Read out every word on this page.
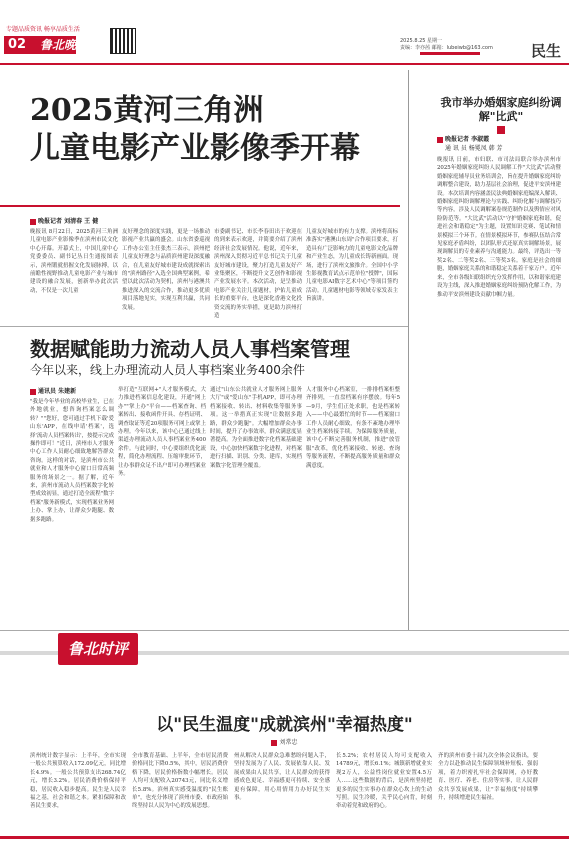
专题品质资讯 畅享品质生活
02	鲁北晚报	2025.8.25 星期一
责编：李亦茜 邮箱：lubeiwb@163.com	民生
2025黄河三角洲
儿童电影产业影像季开幕
晚报记者 刘清春 王 健
晚报讯 8月22日，2025黄河三角洲儿童电影产业影像季在滨州市民文化中心开幕。开幕式上，中国儿童中心党委委员、副书记丛日生通报图表示，滨州锻就扭握文化发展脉搏，以前瞻性视野推动儿童电影产业与城市建设的融合发展，创新举办此次活动，不仅是一次儿童
友好理念的深度实践，更是一场推动影视产业共赢的盛会。山东省委巡视工作办公室主任张杰三表示，滨州把儿童友好理念与品质滨州建设深度融合，在儿童友好城市建设成就探索出的"滨州路径"入选全国典型案例，希望以此次活动为契机，滨州与港澳共推进深入的交流合作，推动更多优质项目落地见实，实现互利共赢，共同发展。
市委副书记、市长李春田出于欢迎在的到来表示欢迎，并简要介绍了滨州经济社会发展情况。他说，近年来，滨州深入贯彻习近平总书记关于儿童友好城市建设，聚力打造儿童友好产业集聚区，不断提升文艺创作和影视产业发展水平。本次活动，是呈推动电影产业关注儿童题材，护佑儿童成长的重要平台，也是深化香港文化投资交流的务实举措，更是助力滨州打造
儿童友好城市的有力支撑。滨州将高标准落实"港澳山东周"合作项目要求，打造具有广泛影响力的儿童电影文化品牌和产业生态，为儿童成长铸新画面。现场，进行了滨州文旅推介。全国中小学生影视教育试点示范单位"授牌"，国际儿童电影AI数字艺术中心"等项目签约活动。儿童题材电影等领域专家发表主旨演讲。
我市举办婚姻家庭纠纷调解"比武"
晚报记者 李淑霞
通 讯 员 杨冕凤 韩 芳
晚报讯 日前，市妇联、市司法局联合举办滨州市2025年婚姻家庭纠纷人民调解工作"大比武"活动暨婚姻家庭辅导员业务培训会，旨在提升婚姻家庭纠纷调解整合建设，助力基层社会治理，促进平安滨州建设。本次培训内容涵盖民法典婚姻家庭编深入解读、婚姻家庭纠纷调解理论与实践、纠纷化解与调解技巧等内容，涉及人民调解案卷规范制作以及舆情应对风险防范等。"大比武"活动以"守护婚姻家庭和谐，促进社会和谐稳定"为主题，设置知识竞赛、笔试和情景模拟三个环节。在情景模拟环节，参赛队伍结合常见家庭矛盾纠纷，以团队形式还原真实调解场景，展现调解员的专业素养与沟通能力。最终，评选出一等奖2名、二等奖2名、三等奖3名。家庭是社会的细胞，婚姻家庭关系的和谐稳定关系着千家万户。近年来，全市各级妇联组织充分发挥作用，以和谐家庭建设为主线，深入推进婚姻家庭纠纷预防化解工作，为推动平安滨州建设贡献巾帼力量。
数据赋能助力流动人员人事档案管理
今年以来，线上办理流动人员人事档案业务400余件
通讯员 朱建新
"我是今年毕业的高校毕业生，已在外地就业，想咨询档案怎么调转？""您好，您可通过手机下载'爱山东'APP，在线申请'档案'，选择'流动人员档案转出'，按提示完成操作即可！"近日，滨州市人才服务中心工作人员耐心细致地解答群众咨询。这样的对话，是滨州市公共就业和人才服务中心窗口日常高频服务的场景之一。据了解，近年来，滨州市流动人员档案数字化转型成效初显，通过打造全流程"数字档案"服务新模式，实现档案业务网上办、掌上办，让群众少跑腿、数据多跑路。
举打造"互联网+"人才服务模式，大力推进档案信息化建设，开通"网上办""掌上办"平台——档案查询、档案转出、接收函件开具、存档证明、调查取证等近20项服务可网上或掌上办理。今年以来，该中心已通过线上渠道办理流动人员人事档案业务400余件。与此同时，中心要组织优化流程，简化办理流程、压缩审批环节，让办事群众足不出户即可办理档案业务。
通过"山东公共就业人才服务网上服务大厅"或"爱山东"手机APP，即可办理档案接收、转出、材料收集等服务事项。这一举措真正实现"让数据多跑路，群众少跑腿"。大幅增加群众办事时间，提升了办事效率，群众满意度显著提高。为全面推进数字化档案基础建设，中心加快档案数字化进程，对档案进行扫描、识别、分类、建库，实现档案数字化管理全覆盖。
人才服务中心档案室，一排排档案柜整齐排列，一直盘档案有序摆放。每年5—9月，学生们正处求职，也是档案转入——中心最繁忙的时节——档案窗口工作人员耐心细致，有条不紊地办理毕业生档案转接手续。为保障服务质量，该中心不断完善服务机制，推进"放管服"改革，优化档案接收、转递、查询等服务流程，不断提高服务质量和群众满意度。
鲁北时评
以"民生温度"成就滨州"幸福热度"
刘常忠
滨州统计数字显示：上半年，全市实现一般公共预算收入172.09亿元，同比增长4.9%。一般公共预算支出268.74亿元，增长3.2%。居民消费价格保持平稳，居民收入稳步提高。民生是人民幸福之基，社会和谐之本。紧扣保障和改善民生要求，
全市教育基础、上半年，全市居民消费价格同比下降0.5%，其中，居民消费价格下降，居民价格指数小幅增长。居民人均可支配收入20743元，同比名义增长5.8%。滨州真实感受温度的"民生账单"，也充分体现了滨州市委、市政府始终坚持以人民为中心的发展思想。
州从解决人民群众急难愁盼问题入手，坚持发展为了人民、发展依靠人民、发展成果由人民共享，让人民群众的获得感成色更足、幸福感更可持续、安全感更有保障，用心用情用力办好民生实事。
长5.2%；农村居民人均可支配收入14789元，增长6.1%；城镇新增就业实现2万人，公益性岗位就业安置4.5万人……这些数据的背后，是滨州坚持把更多的民生实事办在群众心坎上的生动写照。民生冷暖，关乎民心向背，时刻牵动着党和政府的心。
齐的滨州市委十届九次全体会议指出，要全力以赴推动民生保障领域补短板、强弱项，着力织密扎牢社会保障网，办好教育、医疗、养老、住房等实事，让人民群众共享发展成果，让"幸福热度"持续攀升，持续增进民生福祉。
